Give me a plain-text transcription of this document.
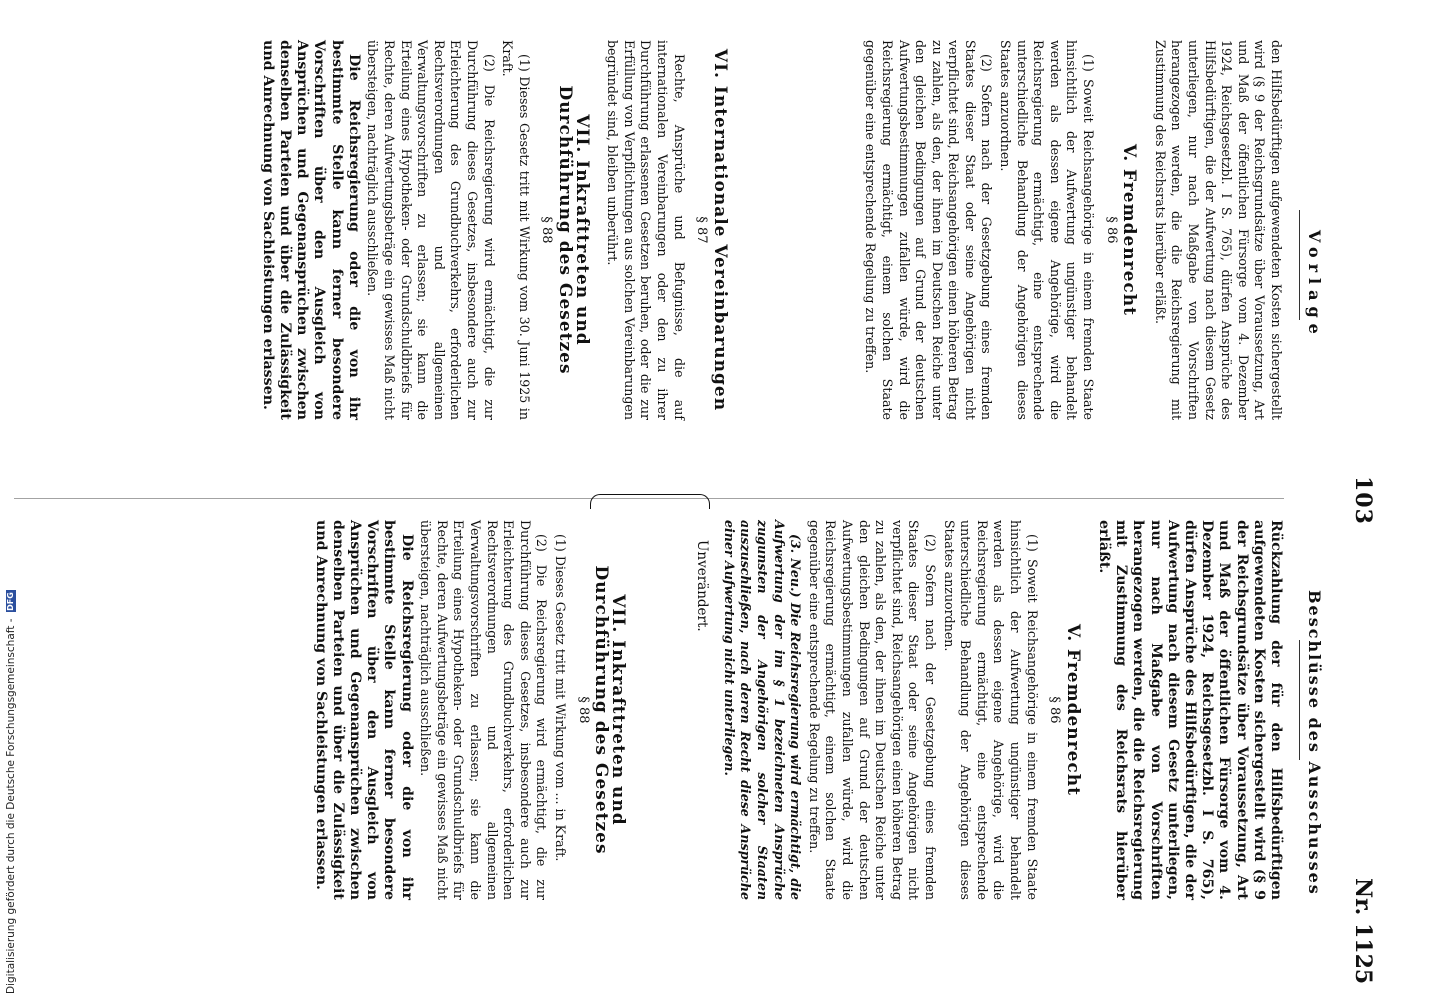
103
Nr. 1125
Vorlage
Beschlüsse des Ausschusses

den Hilfsbedürftigen aufgewendeten Kosten sichergestellt wird (§ 9 der Reichsgrundsätze über Voraussetzung, Art und Maß der öffentlichen Fürsorge vom 4. Dezember 1924, Reichsgesetzbl. I S. 765), dürfen Ansprüche des Hilfsbedürftigen, die der Aufwertung nach diesem Gesetz unterliegen, nur nach Maßgabe von Vorschriften herangezogen werden, die die Reichsregierung mit Zustimmung des Reichsrats hierüber erläßt.

V. Fremdenrecht
§ 86

(1) Soweit Reichsangehörige in einem fremden Staate hinsichtlich der Aufwertung ungünstiger behandelt werden als dessen eigene Angehörige, wird die Reichsregierung ermächtigt, eine entsprechende unterschiedliche Behandlung der Angehörigen dieses Staates anzuordnen.

(2) Sofern nach der Gesetzgebung eines fremden Staates dieser Staat oder seine Angehörigen nicht verpflichtet sind, Reichsangehörigen einen höheren Betrag zu zahlen, als den, der ihnen im Deutschen Reiche unter den gleichen Bedingungen auf Grund der deutschen Aufwertungsbestimmungen zufallen würde, wird die Reichsregierung ermächtigt, einem solchen Staate gegenüber eine entsprechende Regelung zu treffen.

VI. Internationale Vereinbarungen
§ 87

Rechte, Ansprüche und Befugnisse, die auf internationalen Vereinbarungen oder den zu ihrer Durchführung erlassenen Gesetzen beruhen, oder die zur Erfüllung von Verpflichtungen aus solchen Vereinbarungen begründet sind, bleiben unberührt.

VII. Inkrafttreten und Durchführung des Gesetzes
§ 88

(1) Dieses Gesetz tritt mit Wirkung vom 30. Juni 1925 in Kraft.

(2) Die Reichsregierung wird ermächtigt, die zur Durchführung dieses Gesetzes, insbesondere auch zur Erleichterung des Grundbuchverkehrs, erforderlichen Rechtsverordnungen und allgemeinen Verwaltungsvorschriften zu erlassen; sie kann die Erteilung eines Hypotheken- oder Grundschuldbriefs für Rechte, deren Aufwertungsbeträge ein gewisses Maß nicht übersteigen, nachträglich ausschließen.

Die Reichsregierung oder die von ihr bestimmte Stelle kann ferner besondere Vorschriften über den Ausgleich von Ansprüchen und Gegenansprüchen zwischen denselben Parteien und über die Zulässigkeit und Anrechnung von Sachleistungen erlassen.

Rückzahlung der für den Hilfsbedürftigen aufgewendeten Kosten sichergestellt wird (§ 9 der Reichsgrundsätze über Voraussetzung, Art und Maß der öffentlichen Fürsorge vom 4. Dezember 1924, Reichsgesetzbl. I S. 765), dürfen Ansprüche des Hilfsbedürftigen, die der Aufwertung nach diesem Gesetz unterliegen, nur nach Maßgabe von Vorschriften herangezogen werden, die die Reichsregierung mit Zustimmung des Reichsrats hierüber erläßt.

V. Fremdenrecht
§ 86

(1) Soweit Reichsangehörige in einem fremden Staate hinsichtlich der Aufwertung ungünstiger behandelt werden als dessen eigene Angehörige, wird die Reichsregierung ermächtigt, eine entsprechende unterschiedliche Behandlung der Angehörigen dieses Staates anzuordnen.

(2) Sofern nach der Gesetzgebung eines fremden Staates dieser Staat oder seine Angehörigen nicht verpflichtet sind, Reichsangehörigen einen höheren Betrag zu zahlen, als den, der ihnen im Deutschen Reiche unter den gleichen Bedingungen auf Grund der deutschen Aufwertungsbestimmungen zufallen würde, wird die Reichsregierung ermächtigt, einem solchen Staate gegenüber eine entsprechende Regelung zu treffen.

(3. Neu.) Die Reichsregierung wird ermächtigt, die Aufwertung der im § 1 bezeichneten Ansprüche zugunsten der Angehörigen solcher Staaten auszuschließen, nach deren Recht diese Ansprüche einer Aufwertung nicht unterliegen.

Unverändert.
VII. Inkrafttreten und Durchführung des Gesetzes
§ 88

(1) Dieses Gesetz tritt mit Wirkung vom ... in Kraft.

(2) Die Reichsregierung wird ermächtigt, die zur Durchführung dieses Gesetzes, insbesondere auch zur Erleichterung des Grundbuchverkehrs, erforderlichen Rechtsverordnungen und allgemeinen Verwaltungsvorschriften zu erlassen; sie kann die Erteilung eines Hypotheken- oder Grundschuldbriefs für Rechte, deren Aufwertungsbeträge ein gewisses Maß nicht übersteigen, nachträglich ausschließen.

Die Reichsregierung oder die von ihr bestimmte Stelle kann ferner besondere Vorschriften über den Ausgleich von Ansprüchen und Gegenansprüchen zwischen denselben Parteien und über die Zulässigkeit und Anrechnung von Sachleistungen erlassen.

Digitalisierung gefördert durch die Deutsche Forschungsgemeinschaft -
DFG
